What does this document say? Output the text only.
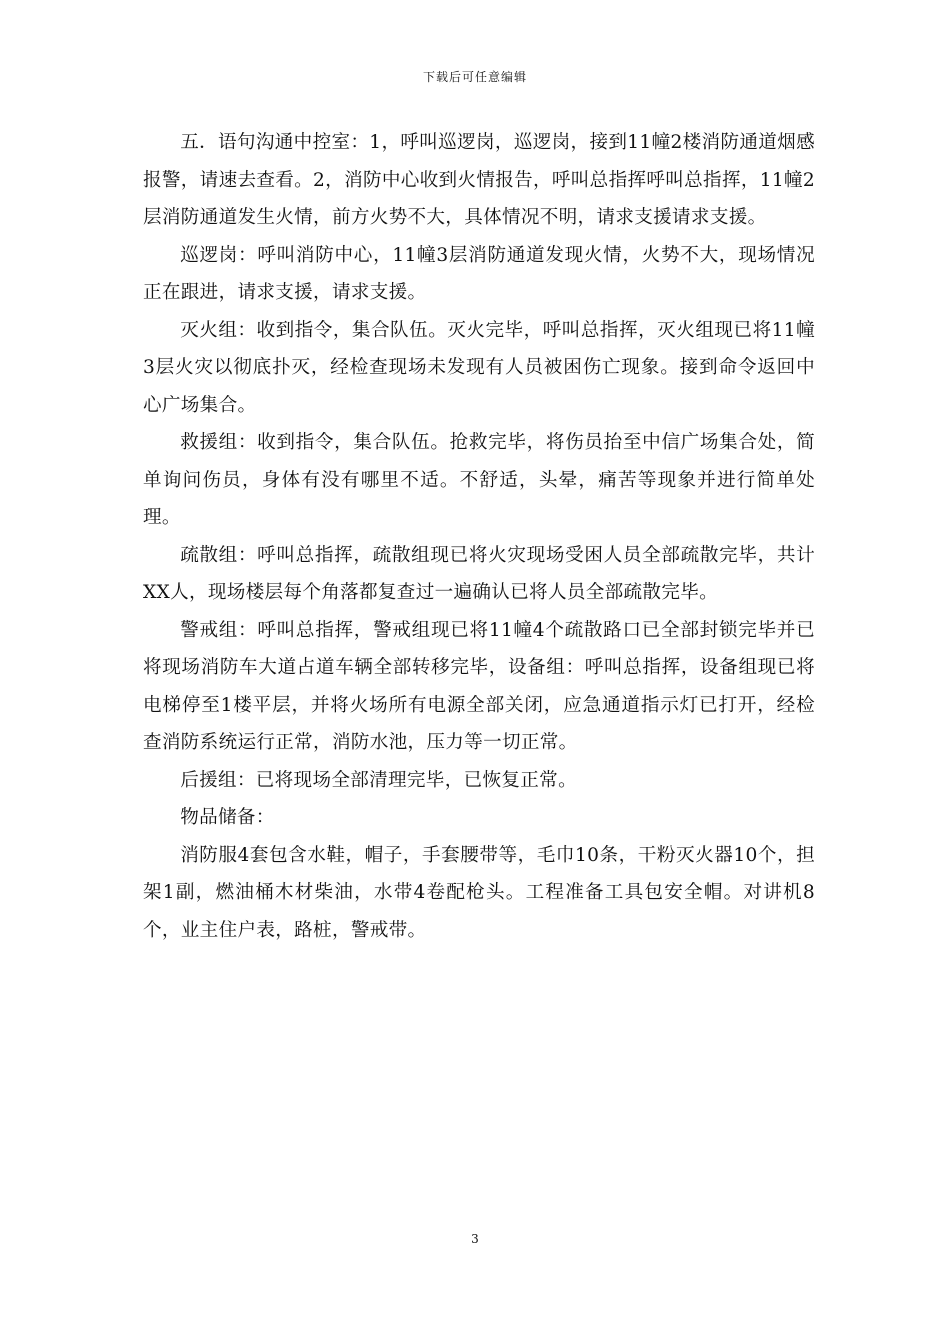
下载后可任意编辑

五．语句沟通中控室：1，呼叫巡逻岗，巡逻岗，接到11幢2楼消防通道烟感报警，请速去查看。2，消防中心收到火情报告，呼叫总指挥呼叫总指挥，11幢2层消防通道发生火情，前方火势不大，具体情况不明，请求支援请求支援。

巡逻岗：呼叫消防中心，11幢3层消防通道发现火情，火势不大，现场情况正在跟进，请求支援，请求支援。

灭火组：收到指令，集合队伍。灭火完毕，呼叫总指挥，灭火组现已将11幢3层火灾以彻底扑灭，经检查现场未发现有人员被困伤亡现象。接到命令返回中心广场集合。

救援组：收到指令，集合队伍。抢救完毕，将伤员抬至中信广场集合处，简单询问伤员，身体有没有哪里不适。不舒适，头晕，痛苦等现象并进行简单处理。

疏散组：呼叫总指挥，疏散组现已将火灾现场受困人员全部疏散完毕，共计XX人，现场楼层每个角落都复查过一遍确认已将人员全部疏散完毕。

警戒组：呼叫总指挥，警戒组现已将11幢4个疏散路口已全部封锁完毕并已将现场消防车大道占道车辆全部转移完毕，设备组：呼叫总指挥，设备组现已将电梯停至1楼平层，并将火场所有电源全部关闭，应急通道指示灯已打开，经检查消防系统运行正常，消防水池，压力等一切正常。

后援组：已将现场全部清理完毕，已恢复正常。

物品储备：

消防服4套包含水鞋，帽子，手套腰带等，毛巾10条，干粉灭火器10个，担架1副，燃油桶木材柴油，水带4卷配枪头。工程准备工具包安全帽。对讲机8个，业主住户表，路桩，警戒带。

3
